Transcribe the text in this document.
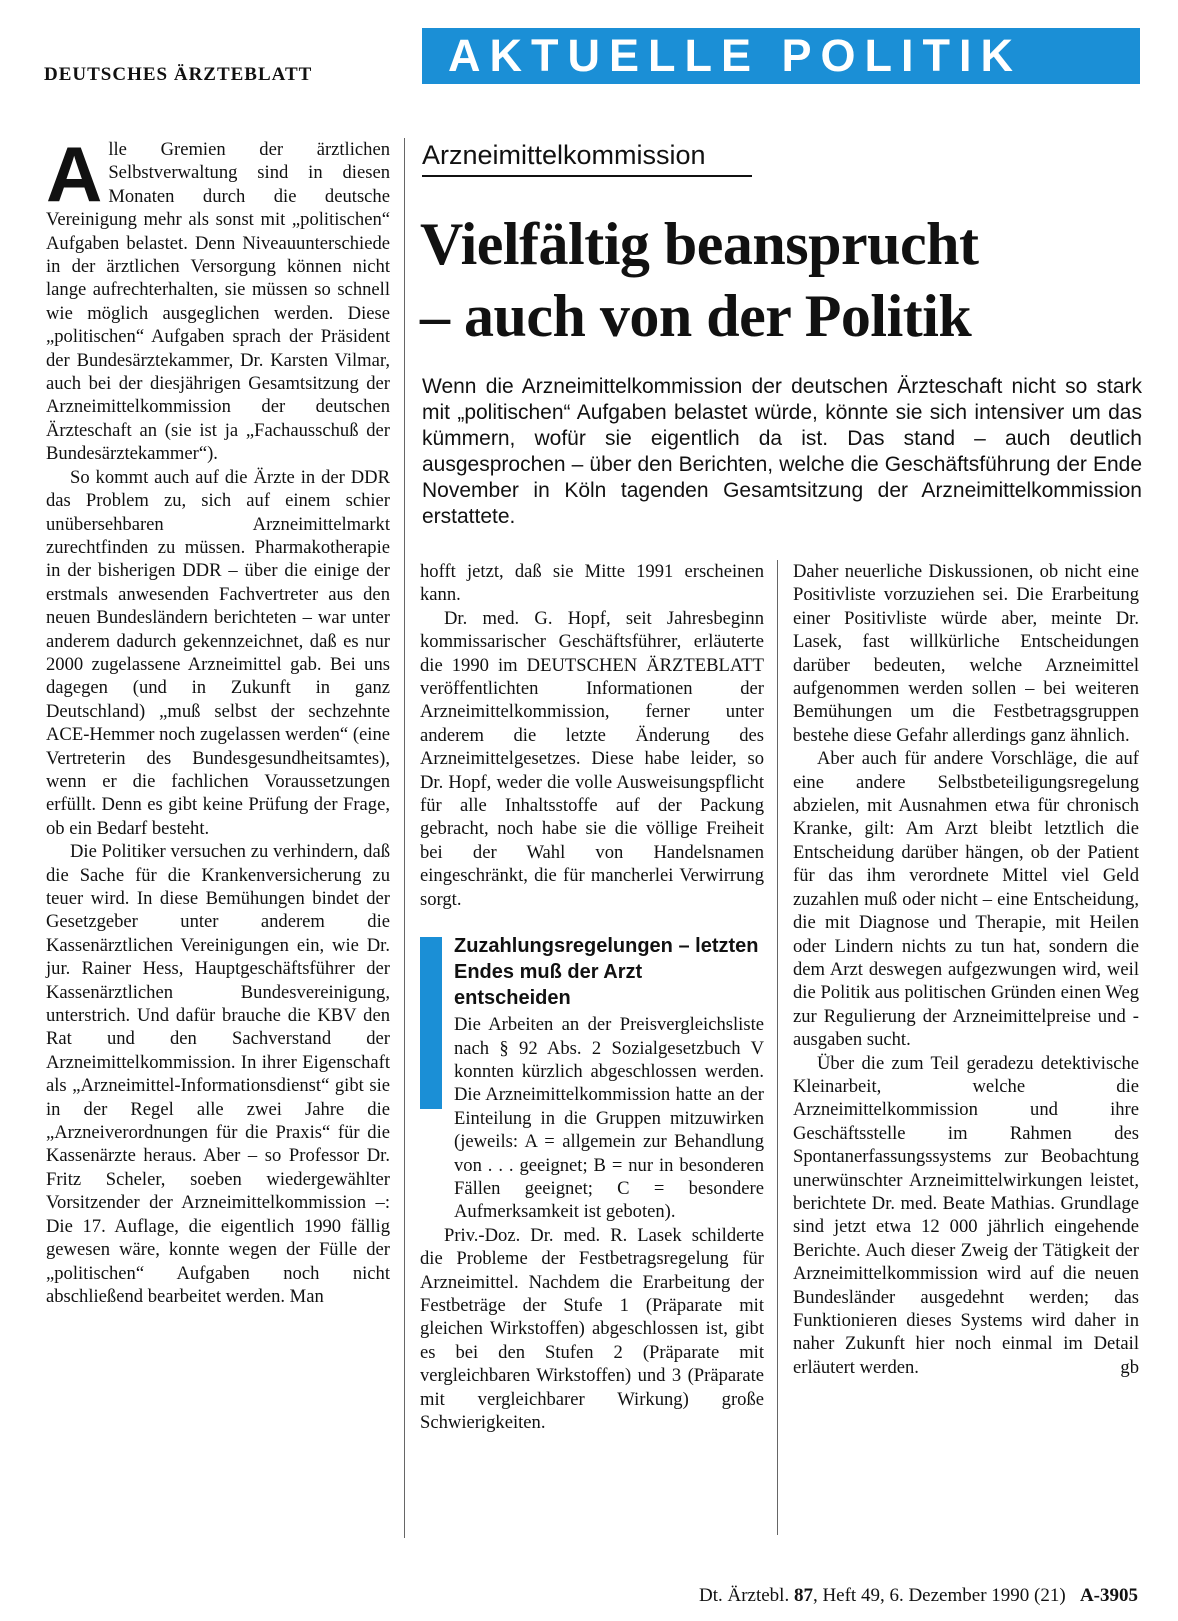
DEUTSCHES ÄRZTEBLATT	AKTUELLE POLITIK
Arzneimittelkommission
Vielfältig beansprucht
– auch von der Politik

Wenn die Arzneimittelkommission der deutschen Ärzteschaft nicht so stark mit „politischen“ Aufgaben belastet würde, könnte sie sich intensiver um das kümmern, wofür sie eigentlich da ist. Das stand – auch deutlich ausgesprochen – über den Berichten, welche die Geschäftsführung der Ende November in Köln tagenden Gesamtsitzung der Arzneimittelkommission erstattete.

Alle Gremien der ärztlichen Selbstverwaltung sind in diesen Monaten durch die deutsche Vereinigung mehr als sonst mit „politischen“ Aufgaben belastet. Denn Niveauunterschiede in der ärztlichen Versorgung können nicht lange aufrechterhalten, sie müssen so schnell wie möglich ausgeglichen werden. Diese „politischen“ Aufgaben sprach der Präsident der Bundesärztekammer, Dr. Karsten Vilmar, auch bei der diesjährigen Gesamtsitzung der Arzneimittelkommission der deutschen Ärzteschaft an (sie ist ja „Fachausschuß der Bundesärztekammer“).

So kommt auch auf die Ärzte in der DDR das Problem zu, sich auf einem schier unübersehbaren Arzneimittelmarkt zurechtfinden zu müssen. Pharmakotherapie in der bisherigen DDR – über die einige der erstmals anwesenden Fachvertreter aus den neuen Bundesländern berichteten – war unter anderem dadurch gekennzeichnet, daß es nur 2000 zugelassene Arzneimittel gab. Bei uns dagegen (und in Zukunft in ganz Deutschland) „muß selbst der sechzehnte ACE-Hemmer noch zugelassen werden“ (eine Vertreterin des Bundesgesundheitsamtes), wenn er die fachlichen Voraussetzungen erfüllt. Denn es gibt keine Prüfung der Frage, ob ein Bedarf besteht.

Die Politiker versuchen zu verhindern, daß die Sache für die Krankenversicherung zu teuer wird. In diese Bemühungen bindet der Gesetzgeber unter anderem die Kassenärztlichen Vereinigungen ein, wie Dr. jur. Rainer Hess, Hauptgeschäftsführer der Kassenärztlichen Bundesvereinigung, unterstrich. Und dafür brauche die KBV den Rat und den Sachverstand der Arzneimittelkommission. In ihrer Eigenschaft als „Arzneimittel-Informationsdienst“ gibt sie in der Regel alle zwei Jahre die „Arzneiverordnungen für die Praxis“ für die Kassenärzte heraus. Aber – so Professor Dr. Fritz Scheler, soeben wiedergewählter Vorsitzender der Arzneimittelkommission –: Die 17. Auflage, die eigentlich 1990 fällig gewesen wäre, konnte wegen der Fülle der „politischen“ Aufgaben noch nicht abschließend bearbeitet werden. Man

hofft jetzt, daß sie Mitte 1991 erscheinen kann.

Dr. med. G. Hopf, seit Jahresbeginn kommissarischer Geschäftsführer, erläuterte die 1990 im DEUTSCHEN ÄRZTEBLATT veröffentlichten Informationen der Arzneimittelkommission, ferner unter anderem die letzte Änderung des Arzneimittelgesetzes. Diese habe leider, so Dr. Hopf, weder die volle Ausweisungspflicht für alle Inhaltsstoffe auf der Packung gebracht, noch habe sie die völlige Freiheit bei der Wahl von Handelsnamen eingeschränkt, die für mancherlei Verwirrung sorgt.

Zuzahlungsregelungen – letzten Endes muß der Arzt entscheiden

Die Arbeiten an der Preisvergleichsliste nach § 92 Abs. 2 Sozialgesetzbuch V konnten kürzlich abgeschlossen werden. Die Arzneimittelkommission hatte an der Einteilung in die Gruppen mitzuwirken (jeweils: A = allgemein zur Behandlung von . . . geeignet; B = nur in besonderen Fällen geeignet; C = besondere Aufmerksamkeit ist geboten).

Priv.-Doz. Dr. med. R. Lasek schilderte die Probleme der Festbetragsregelung für Arzneimittel. Nachdem die Erarbeitung der Festbeträge der Stufe 1 (Präparate mit gleichen Wirkstoffen) abgeschlossen ist, gibt es bei den Stufen 2 (Präparate mit vergleichbaren Wirkstoffen) und 3 (Präparate mit vergleichbarer Wirkung) große Schwierigkeiten.

Daher neuerliche Diskussionen, ob nicht eine Positivliste vorzuziehen sei. Die Erarbeitung einer Positivliste würde aber, meinte Dr. Lasek, fast willkürliche Entscheidungen darüber bedeuten, welche Arzneimittel aufgenommen werden sollen – bei weiteren Bemühungen um die Festbetragsgruppen bestehe diese Gefahr allerdings ganz ähnlich.

Aber auch für andere Vorschläge, die auf eine andere Selbstbeteiligungsregelung abzielen, mit Ausnahmen etwa für chronisch Kranke, gilt: Am Arzt bleibt letztlich die Entscheidung darüber hängen, ob der Patient für das ihm verordnete Mittel viel Geld zuzahlen muß oder nicht – eine Entscheidung, die mit Diagnose und Therapie, mit Heilen oder Lindern nichts zu tun hat, sondern die dem Arzt deswegen aufgezwungen wird, weil die Politik aus politischen Gründen einen Weg zur Regulierung der Arzneimittelpreise und -ausgaben sucht.

Über die zum Teil geradezu detektivische Kleinarbeit, welche die Arzneimittelkommission und ihre Geschäftsstelle im Rahmen des Spontanerfassungssystems zur Beobachtung unerwünschter Arzneimittelwirkungen leistet, berichtete Dr. med. Beate Mathias. Grundlage sind jetzt etwa 12 000 jährlich eingehende Berichte. Auch dieser Zweig der Tätigkeit der Arzneimittelkommission wird auf die neuen Bundesländer ausgedehnt werden; das Funktionieren dieses Systems wird daher in naher Zukunft hier noch einmal im Detail erläutert werden.	gb

Dt. Ärztebl. 87, Heft 49, 6. Dezember 1990 (21) A-3905
